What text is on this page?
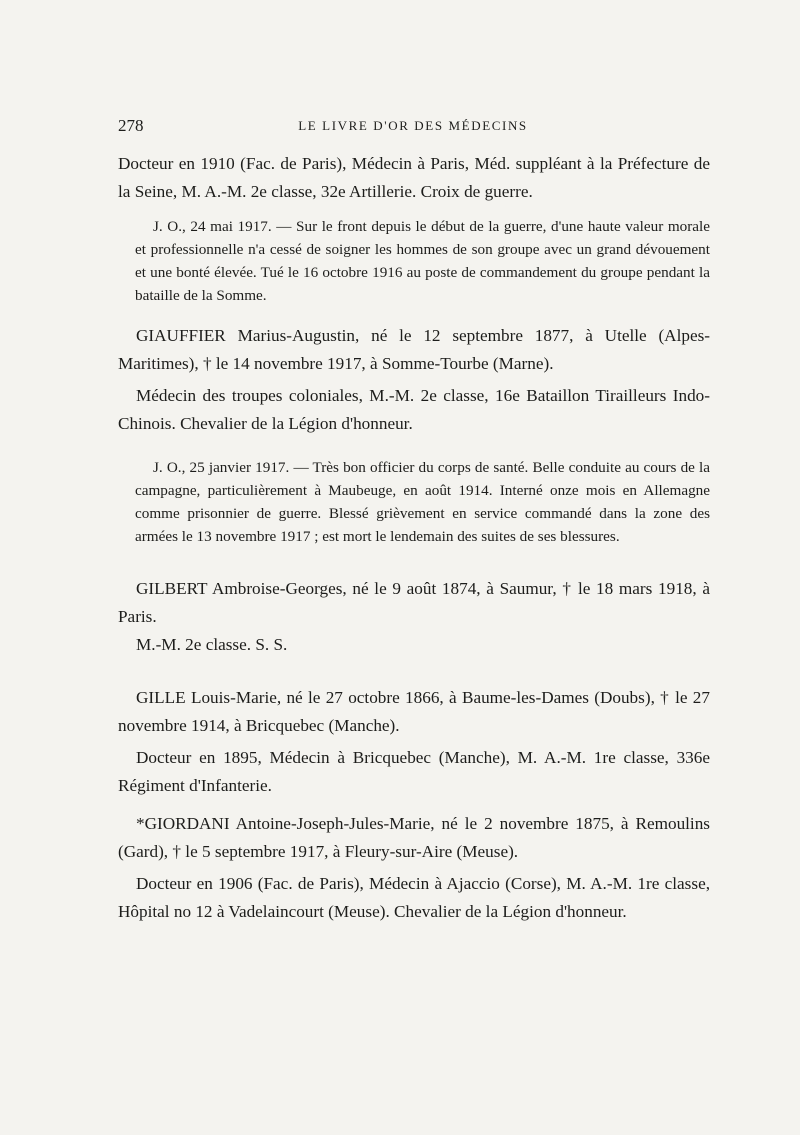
278	LE LIVRE D'OR DES MÉDECINS

Docteur en 1910 (Fac. de Paris), Médecin à Paris, Méd. suppléant à la Préfecture de la Seine, M. A.-M. 2e classe, 32e Artillerie. Croix de guerre.

J. O., 24 mai 1917. — Sur le front depuis le début de la guerre, d'une haute valeur morale et professionnelle n'a cessé de soigner les hommes de son groupe avec un grand dévouement et une bonté élevée. Tué le 16 octobre 1916 au poste de commandement du groupe pendant la bataille de la Somme.

GIAUFFIER Marius-Augustin, né le 12 septembre 1877, à Utelle (Alpes-Maritimes), † le 14 novembre 1917, à Somme-Tourbe (Marne).

Médecin des troupes coloniales, M.-M. 2e classe, 16e Bataillon Tirailleurs Indo-Chinois. Chevalier de la Légion d'honneur.

J. O., 25 janvier 1917. — Très bon officier du corps de santé. Belle conduite au cours de la campagne, particulièrement à Maubeuge, en août 1914. Interné onze mois en Allemagne comme prisonnier de guerre. Blessé grièvement en service commandé dans la zone des armées le 13 novembre 1917 ; est mort le lendemain des suites de ses blessures.

GILBERT Ambroise-Georges, né le 9 août 1874, à Saumur, † le 18 mars 1918, à Paris.

M.-M. 2e classe. S. S.

GILLE Louis-Marie, né le 27 octobre 1866, à Baume-les-Dames (Doubs), † le 27 novembre 1914, à Bricquebec (Manche).

Docteur en 1895, Médecin à Bricquebec (Manche), M. A.-M. 1re classe, 336e Régiment d'Infanterie.

*GIORDANI Antoine-Joseph-Jules-Marie, né le 2 novembre 1875, à Remoulins (Gard), † le 5 septembre 1917, à Fleury-sur-Aire (Meuse).

Docteur en 1906 (Fac. de Paris), Médecin à Ajaccio (Corse), M. A.-M. 1re classe, Hôpital no 12 à Vadelaincourt (Meuse). Chevalier de la Légion d'honneur.
